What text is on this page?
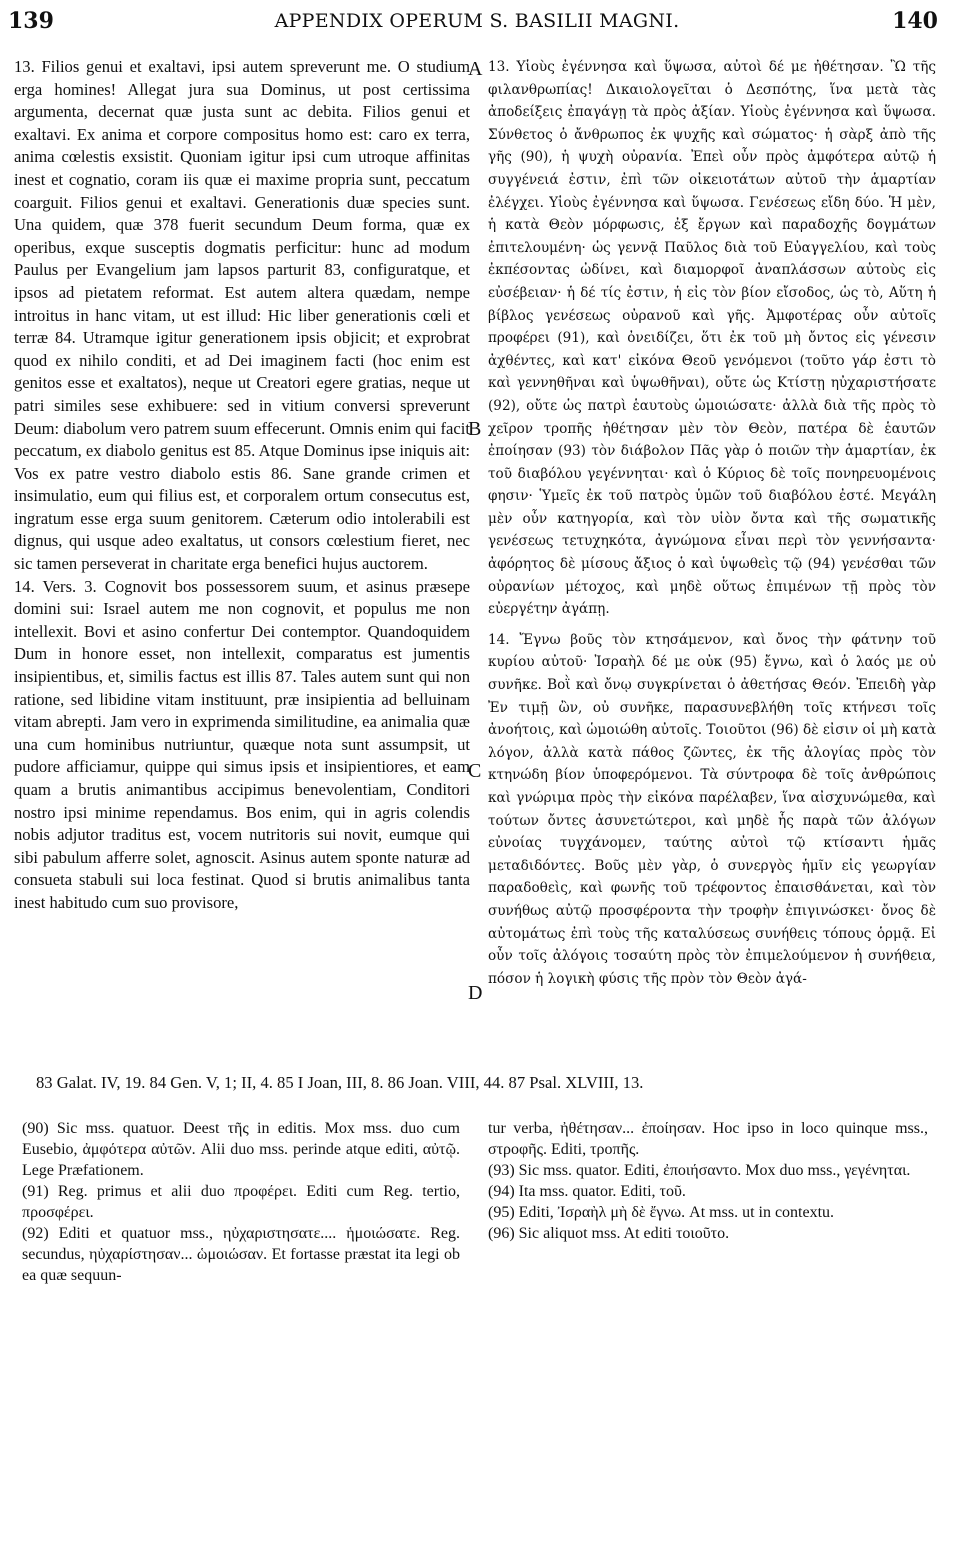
139	APPENDIX OPERUM S. BASILII MAGNI.	140

13. Filios genui et exaltavi, ipsi autem spreverunt me. O studium erga homines! Allegat jura sua Dominus, ut post certissima argumenta, decernat quæ justa sunt ac debita. Filios genui et exaltavi. Ex anima et corpore compositus homo est: caro ex terra, anima cœlestis exsistit. Quoniam igitur ipsi cum utroque affinitas inest et cognatio, coram iis quæ ei maxime propria sunt, peccatum coarguit. Filios genui et exaltavi. Generationis duæ species sunt. Una quidem, quæ 378 fuerit secundum Deum forma, quæ ex operibus, exque susceptis dogmatis perficitur: hunc ad modum Paulus per Evangelium jam lapsos parturit 83, configuratque, et ipsos ad pietatem reformat. Est autem altera quædam, nempe introitus in hanc vitam, ut est illud: Hic liber generationis cœli et terræ 84. Utramque igitur generationem ipsis objicit; et exprobrat quod ex nihilo conditi, et ad Dei imaginem facti (hoc enim est genitos esse et exaltatos), neque ut Creatori egere gratias, neque ut patri similes sese exhibuere: sed in vitium conversi spreverunt Deum: diabolum vero patrem suum effecerunt. Omnis enim qui facit peccatum, ex diabolo genitus est 85. Atque Dominus ipse iniquis ait: Vos ex patre vestro diabolo estis 86. Sane grande crimen et insimulatio, eum qui filius est, et corporalem ortum consecutus est, ingratum esse erga suum genitorem. Cæterum odio intolerabili est dignus, qui usque adeo exaltatus, ut consors cœlestium fieret, nec sic tamen perseverat in charitate erga benefici hujus auctorem.

14. Vers. 3. Cognovit bos possessorem suum, et asinus præsepe domini sui: Israel autem me non cognovit, et populus me non intellexit. Bovi et asino confertur Dei contemptor. Quandoquidem Dum in honore esset, non intellexit, comparatus est jumentis insipientibus, et, similis factus est illis 87. Tales autem sunt qui non ratione, sed libidine vitam instituunt, præ insipientia ad belluinam vitam abrepti. Jam vero in exprimenda similitudine, ea animalia quæ una cum hominibus nutriuntur, quæque nota sunt assumpsit, ut pudore afficiamur, quippe qui simus ipsis et insipientiores, et eam quam a brutis animantibus accipimus benevolentiam, Conditori nostro ipsi minime rependamus. Bos enim, qui in agris colendis nobis adjutor traditus est, vocem nutritoris sui novit, eumque qui sibi pabulum afferre solet, agnoscit. Asinus autem sponte naturæ ad consueta stabuli sui loca festinat. Quod si brutis animalibus tanta inest habitudo cum suo provisore,

A
B
C
D

13. Υἱοὺς ἐγέννησα καὶ ὕψωσα, αὐτοὶ δέ με ἠθέτησαν. Ὢ τῆς φιλανθρωπίας! Δικαιολογεῖται ὁ Δεσπότης, ἵνα μετὰ τὰς ἀποδείξεις ἐπαγάγῃ τὰ πρὸς ἀξίαν. Υἱοὺς ἐγέννησα καὶ ὕψωσα. Σύνθετος ὁ ἄνθρωπος ἐκ ψυχῆς καὶ σώματος· ἡ σὰρξ ἀπὸ τῆς γῆς (90), ἡ ψυχὴ οὐρανία. Ἐπεὶ οὖν πρὸς ἀμφότερα αὐτῷ ἡ συγγένειά ἐστιν, ἐπὶ τῶν οἰκειοτάτων αὐτοῦ τὴν ἁμαρτίαν ἐλέγχει. Υἱοὺς ἐγέννησα καὶ ὕψωσα. Γενέσεως εἴδη δύο. Ἡ μὲν, ἡ κατὰ Θεὸν μόρφωσις, ἐξ ἔργων καὶ παραδοχῆς δογμάτων ἐπιτελουμένη· ὡς γεννᾷ Παῦλος διὰ τοῦ Εὐαγγελίου, καὶ τοὺς ἐκπέσοντας ὠδίνει, καὶ διαμορφοῖ ἀναπλάσσων αὐτοὺς εἰς εὐσέβειαν· ἡ δέ τίς ἐστιν, ἡ εἰς τὸν βίον εἴσοδος, ὡς τὸ, Αὕτη ἡ βίβλος γενέσεως οὐρανοῦ καὶ γῆς. Ἀμφοτέρας οὖν αὐτοῖς προφέρει (91), καὶ ὀνειδίζει, ὅτι ἐκ τοῦ μὴ ὄντος εἰς γένεσιν ἀχθέντες, καὶ κατ' εἰκόνα Θεοῦ γενόμενοι (τοῦτο γάρ ἐστι τὸ καὶ γεννηθῆναι καὶ ὑψωθῆναι), οὔτε ὡς Κτίστῃ ηὐχαριστήσατε (92), οὔτε ὡς πατρὶ ἑαυτοὺς ὡμοιώσατε· ἀλλὰ διὰ τῆς πρὸς τὸ χεῖρον τροπῆς ἠθέτησαν μὲν τὸν Θεὸν, πατέρα δὲ ἑαυτῶν ἐποίησαν (93) τὸν διάβολον Πᾶς γὰρ ὁ ποιῶν τὴν ἁμαρτίαν, ἐκ τοῦ διαβόλου γεγέννηται· καὶ ὁ Κύριος δὲ τοῖς πονηρευομένοις φησιν· Ὑμεῖς ἐκ τοῦ πατρὸς ὑμῶν τοῦ διαβόλου ἐστέ. Μεγάλη μὲν οὖν κατηγορία, καὶ τὸν υἱὸν ὄντα καὶ τῆς σωματικῆς γενέσεως τετυχηκότα, ἀγνώμονα εἶναι περὶ τὸν γεννήσαντα· ἀφόρητος δὲ μίσους ἄξιος ὁ καὶ ὑψωθεὶς τῷ (94) γενέσθαι τῶν οὐρανίων μέτοχος, καὶ μηδὲ οὕτως ἐπιμένων τῇ πρὸς τὸν εὐεργέτην ἀγάπῃ.

14. Ἔγνω βοῦς τὸν κτησάμενον, καὶ ὄνος τὴν φάτνην τοῦ κυρίου αὐτοῦ· Ἰσραὴλ δέ με οὐκ (95) ἔγνω, καὶ ὁ λαός με οὐ συνῆκε. Βοῒ καὶ ὄνῳ συγκρίνεται ὁ ἀθετήσας Θεόν. Ἐπειδὴ γὰρ Ἐν τιμῇ ὢν, οὐ συνῆκε, παρασυνεβλήθη τοῖς κτήνεσι τοῖς ἀνοήτοις, καὶ ὡμοιώθη αὐτοῖς. Τοιοῦτοι (96) δὲ εἰσιν οἱ μὴ κατὰ λόγον, ἀλλὰ κατὰ πάθος ζῶντες, ἐκ τῆς ἀλογίας πρὸς τὸν κτηνώδη βίον ὑποφερόμενοι. Τὰ σύντροφα δὲ τοῖς ἀνθρώποις καὶ γνώριμα πρὸς τὴν εἰκόνα παρέλαβεν, ἵνα αἰσχυνώμεθα, καὶ τούτων ὄντες ἀσυνετώτεροι, καὶ μηδὲ ἧς παρὰ τῶν ἀλόγων εὐνοίας τυγχάνομεν, ταύτης αὐτοὶ τῷ κτίσαντι ἡμᾶς μεταδιδόντες. Βοῦς μὲν γὰρ, ὁ συνεργὸς ἡμῖν εἰς γεωργίαν παραδοθεὶς, καὶ φωνῆς τοῦ τρέφοντος ἐπαισθάνεται, καὶ τὸν συνήθως αὐτῷ προσφέροντα τὴν τροφὴν ἐπιγινώσκει· ὄνος δὲ αὐτομάτως ἐπὶ τοὺς τῆς καταλύσεως συνήθεις τόπους ὁρμᾷ. Εἰ οὖν τοῖς ἀλόγοις τοσαύτη πρὸς τὸν ἐπιμελούμενον ἡ συνήθεια, πόσον ἡ λογικὴ φύσις τῆς πρὸν τὸν Θεὸν ἀγά-

83 Galat. IV, 19. 84 Gen. V, 1; II, 4. 85 I Joan, III, 8. 86 Joan. VIII, 44. 87 Psal. XLVIII, 13.

(90) Sic mss. quatuor. Deest τῆς in editis. Mox mss. duo cum Eusebio, ἀμφότερα αὐτῶν. Alii duo mss. perinde atque editi, αὐτῷ. Lege Præfationem.

(91) Reg. primus et alii duo προφέρει. Editi cum Reg. tertio, προσφέρει.

(92) Editi et quatuor mss., ηὐχαριστησατε.... ἡμοιώσατε. Reg. secundus, ηὐχαρίστησαν... ὡμοιώσαν. Et fortasse præstat ita legi ob ea quæ sequun-

tur verba, ἠθέτησαν... ἐποίησαν. Hoc ipso in loco quinque mss., στροφῆς. Editi, τροπῆς.

(93) Sic mss. quator. Editi, ἐποιήσαντο. Mox duo mss., γεγένηται.

(94) Ita mss. quator. Editi, τοῦ.

(95) Editi, Ἰσραὴλ μὴ δὲ ἔγνω. At mss. ut in contextu.

(96) Sic aliquot mss. At editi τοιοῦτο.
